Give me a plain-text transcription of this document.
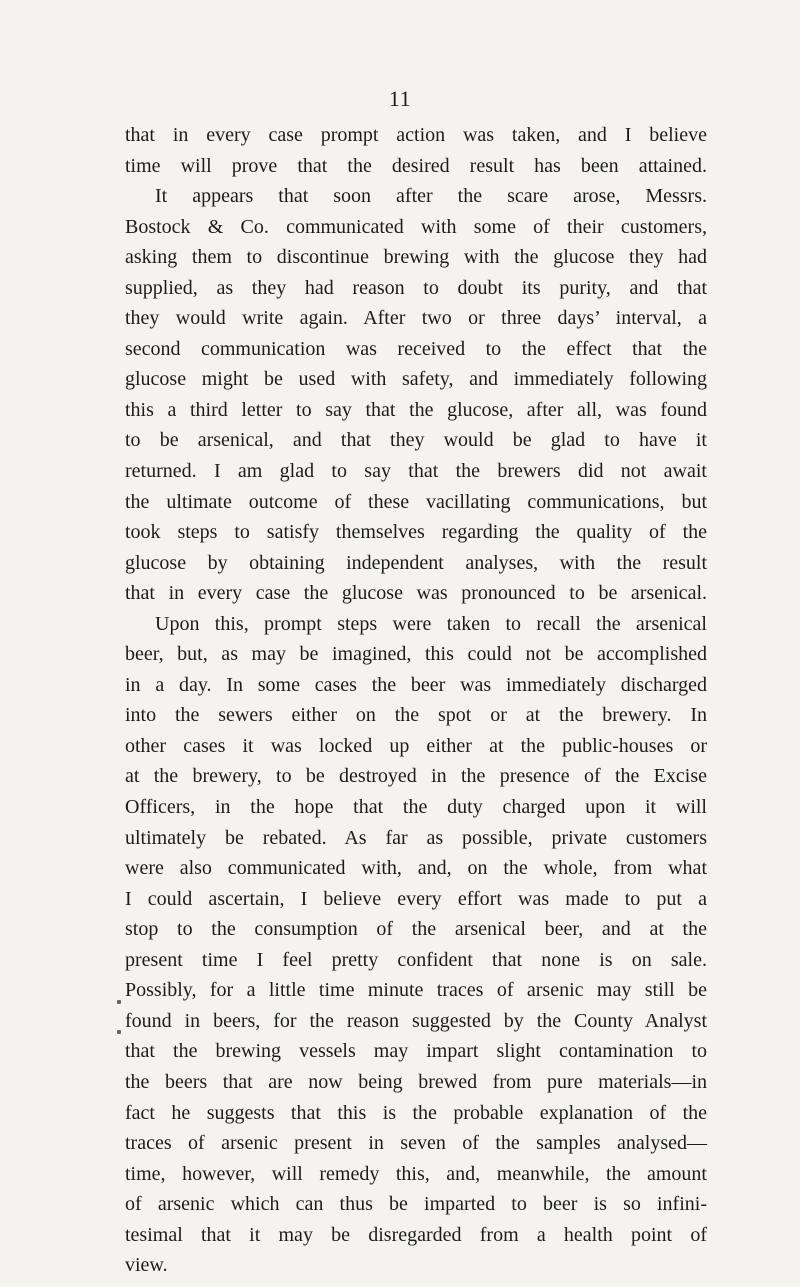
11
that in every case prompt action was taken, and I believe
time will prove that the desired result has been attained.
It appears that soon after the scare arose, Messrs.
Bostock & Co. communicated with some of their customers,
asking them to discontinue brewing with the glucose they had
supplied, as they had reason to doubt its purity, and that
they would write again. After two or three days’ interval, a
second communication was received to the effect that the
glucose might be used with safety, and immediately following
this a third letter to say that the glucose, after all, was found
to be arsenical, and that they would be glad to have it
returned. I am glad to say that the brewers did not await
the ultimate outcome of these vacillating communications, but
took steps to satisfy themselves regarding the quality of the
glucose by obtaining independent analyses, with the result
that in every case the glucose was pronounced to be arsenical.
Upon this, prompt steps were taken to recall the arsenical
beer, but, as may be imagined, this could not be accomplished
in a day. In some cases the beer was immediately discharged
into the sewers either on the spot or at the brewery. In
other cases it was locked up either at the public-houses or
at the brewery, to be destroyed in the presence of the Excise
Officers, in the hope that the duty charged upon it will
ultimately be rebated. As far as possible, private customers
were also communicated with, and, on the whole, from what
I could ascertain, I believe every effort was made to put a
stop to the consumption of the arsenical beer, and at the
present time I feel pretty confident that none is on sale.
Possibly, for a little time minute traces of arsenic may still be
found in beers, for the reason suggested by the County Analyst
that the brewing vessels may impart slight contamination to
the beers that are now being brewed from pure materials—in
fact he suggests that this is the probable explanation of the
traces of arsenic present in seven of the samples analysed—
time, however, will remedy this, and, meanwhile, the amount
of arsenic which can thus be imparted to beer is so infini-
tesimal that it may be disregarded from a health point of
view.
